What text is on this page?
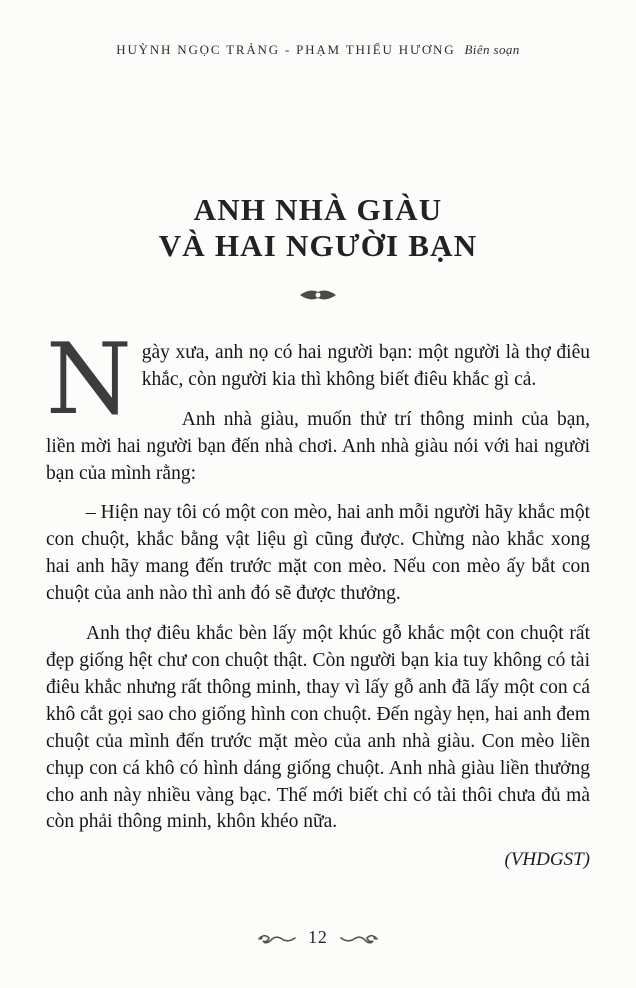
HUỲNH NGỌC TRẢNG - PHẠM THIẾU HƯƠNG Biên soạn
ANH NHÀ GIÀU
VÀ HAI NGƯỜI BẠN

Ngày xưa, anh nọ có hai người bạn: một người là thợ điêu khắc, còn người kia thì không biết điêu khắc gì cả.

Anh nhà giàu, muốn thử trí thông minh của bạn, liền mời hai người bạn đến nhà chơi. Anh nhà giàu nói với hai người bạn của mình rằng:

– Hiện nay tôi có một con mèo, hai anh mỗi người hãy khắc một con chuột, khắc bằng vật liệu gì cũng được. Chừng nào khắc xong hai anh hãy mang đến trước mặt con mèo. Nếu con mèo ấy bắt con chuột của anh nào thì anh đó sẽ được thưởng.

Anh thợ điêu khắc bèn lấy một khúc gỗ khắc một con chuột rất đẹp giống hệt chư con chuột thật. Còn người bạn kia tuy không có tài điêu khắc nhưng rất thông minh, thay vì lấy gỗ anh đã lấy một con cá khô cắt gọi sao cho giống hình con chuột. Đến ngày hẹn, hai anh đem chuột của mình đến trước mặt mèo của anh nhà giàu. Con mèo liền chụp con cá khô có hình dáng giống chuột. Anh nhà giàu liền thưởng cho anh này nhiều vàng bạc. Thế mới biết chỉ có tài thôi chưa đủ mà còn phải thông minh, khôn khéo nữa.

(VHDGST)
12
